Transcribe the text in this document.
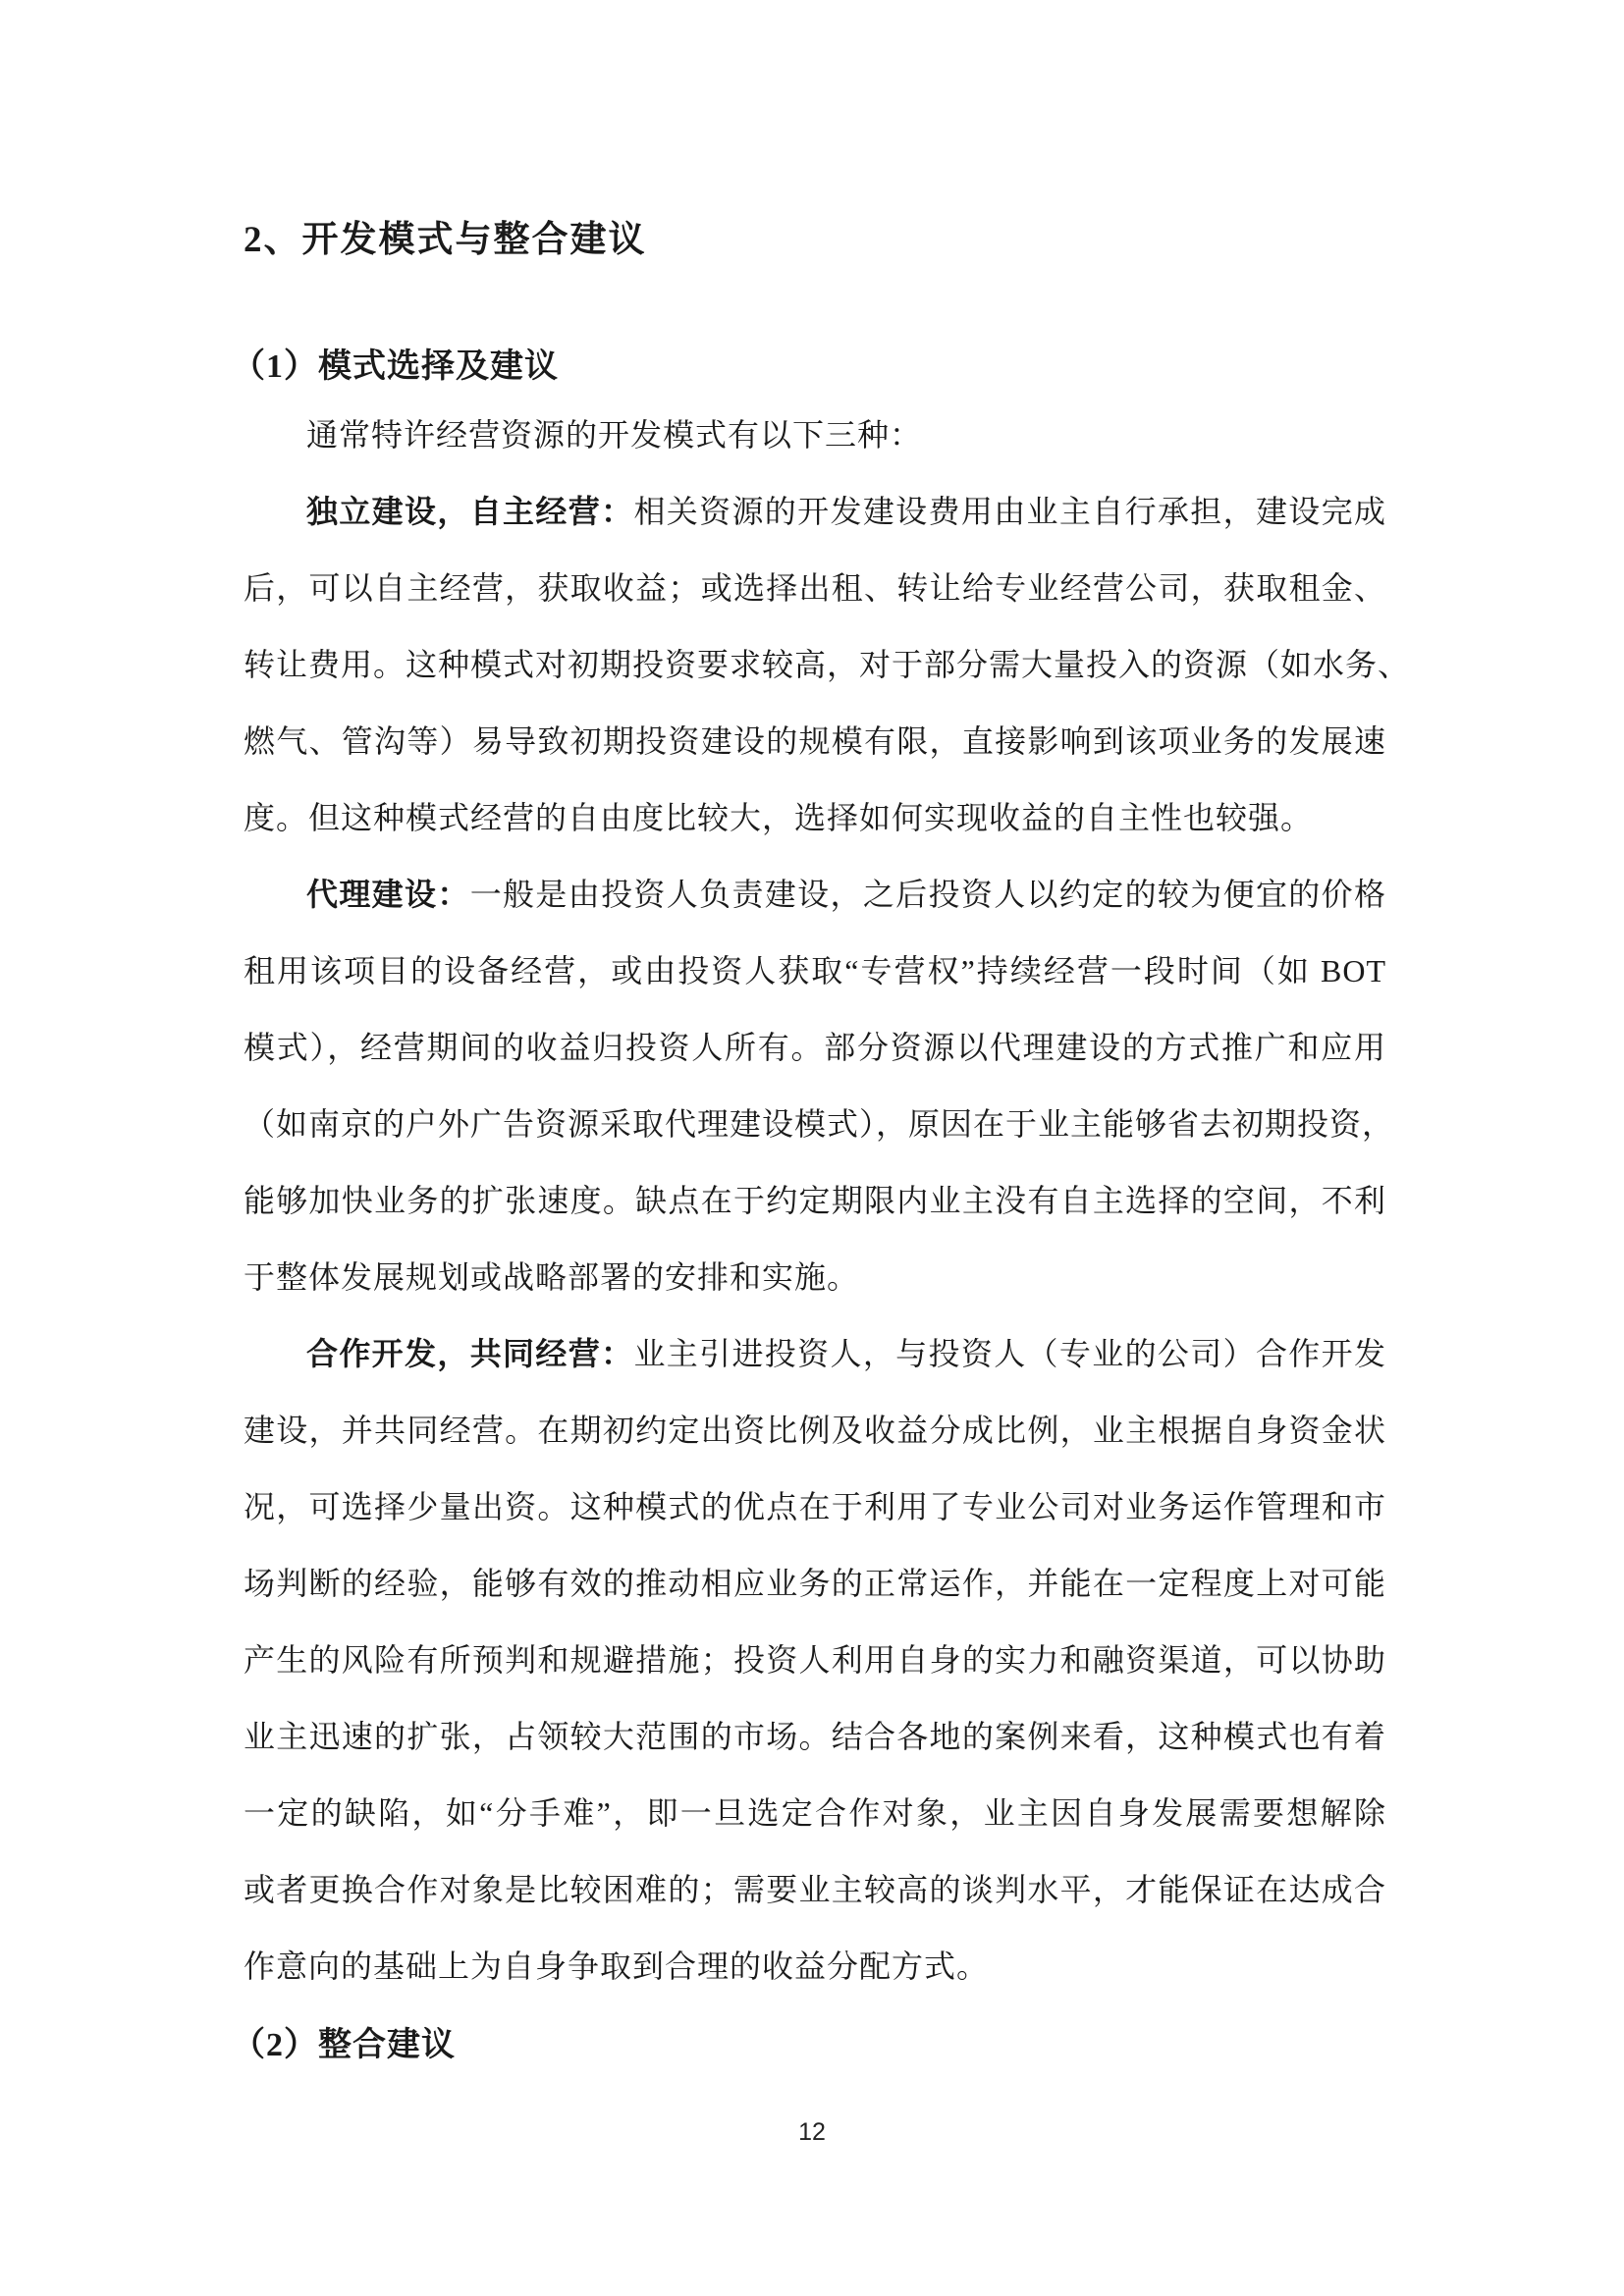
2、开发模式与整合建议
（1）模式选择及建议
通常特许经营资源的开发模式有以下三种：
独立建设，自主经营：相关资源的开发建设费用由业主自行承担，建设完成
后，可以自主经营，获取收益；或选择出租、转让给专业经营公司，获取租金、
转让费用。这种模式对初期投资要求较高，对于部分需大量投入的资源（如水务、
燃气、管沟等）易导致初期投资建设的规模有限，直接影响到该项业务的发展速
度。但这种模式经营的自由度比较大，选择如何实现收益的自主性也较强。
代理建设：一般是由投资人负责建设，之后投资人以约定的较为便宜的价格
租用该项目的设备经营，或由投资人获取“专营权”持续经营一段时间（如 BOT
模式），经营期间的收益归投资人所有。部分资源以代理建设的方式推广和应用
（如南京的户外广告资源采取代理建设模式），原因在于业主能够省去初期投资，
能够加快业务的扩张速度。缺点在于约定期限内业主没有自主选择的空间，不利
于整体发展规划或战略部署的安排和实施。
合作开发，共同经营：业主引进投资人，与投资人（专业的公司）合作开发
建设，并共同经营。在期初约定出资比例及收益分成比例，业主根据自身资金状
况，可选择少量出资。这种模式的优点在于利用了专业公司对业务运作管理和市
场判断的经验，能够有效的推动相应业务的正常运作，并能在一定程度上对可能
产生的风险有所预判和规避措施；投资人利用自身的实力和融资渠道，可以协助
业主迅速的扩张，占领较大范围的市场。结合各地的案例来看，这种模式也有着
一定的缺陷，如“分手难”，即一旦选定合作对象，业主因自身发展需要想解除
或者更换合作对象是比较困难的；需要业主较高的谈判水平，才能保证在达成合
作意向的基础上为自身争取到合理的收益分配方式。
（2）整合建议
12
